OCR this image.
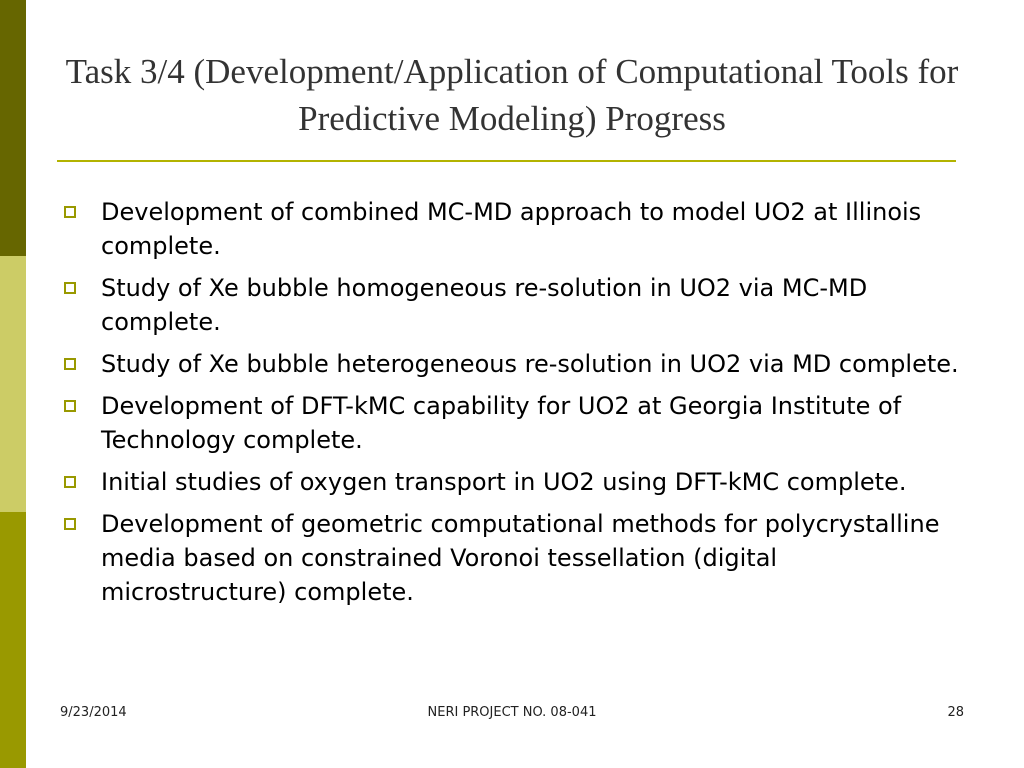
Task 3/4 (Development/Application of Computational Tools for Predictive Modeling) Progress
Development of combined MC-MD approach to model UO2 at Illinois complete.
Study of Xe bubble homogeneous re-solution in UO2 via MC-MD complete.
Study of Xe bubble heterogeneous re-solution in UO2 via MD complete.
Development of DFT-kMC capability for UO2 at Georgia Institute of Technology complete.
Initial studies of oxygen transport in UO2 using DFT-kMC complete.
Development of geometric computational methods for polycrystalline media based on constrained Voronoi tessellation (digital microstructure) complete.
9/23/2014	NERI PROJECT NO. 08-041	28
